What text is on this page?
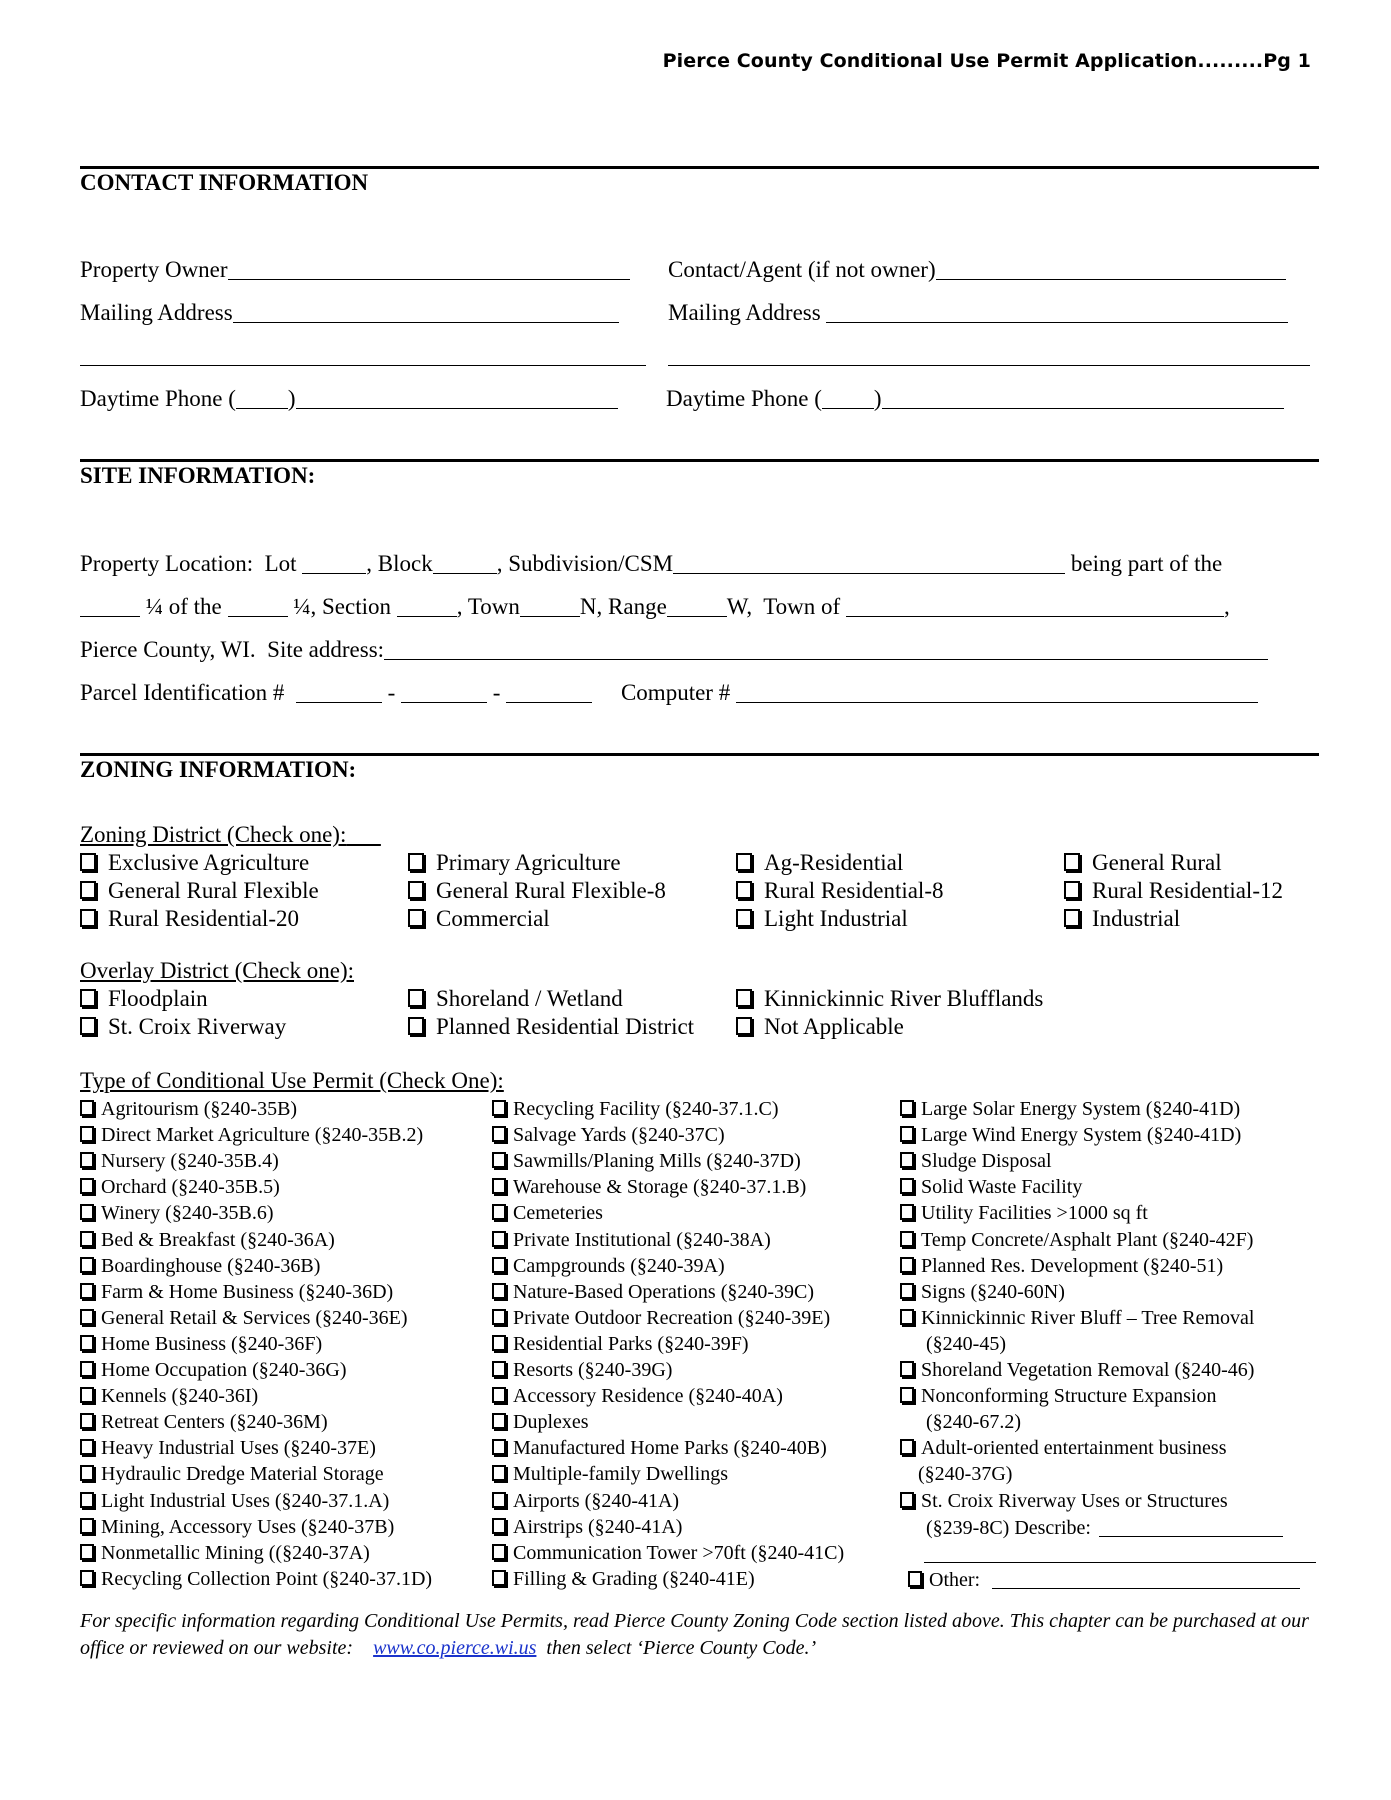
Pierce County Conditional Use Permit Application.........Pg 1
CONTACT INFORMATION
Property Owner	Contact/Agent (if not owner)
Mailing Address	Mailing Address
Daytime Phone ( )	Daytime Phone ( )
SITE INFORMATION:
Property Location:  Lot	, Block	, Subdivision/CSM	being part of the
¼ of the	¼, Section	, Town	N, Range	W,  Town of	,
Pierce County, WI.  Site address:
Parcel Identification #	-	-	Computer #
ZONING INFORMATION:
Zoning District (Check one):  
Exclusive Agriculture	Primary Agriculture	Ag-Residential	General Rural
General Rural Flexible	General Rural Flexible-8	Rural Residential-8	Rural Residential-12
Rural Residential-20	Commercial	Light Industrial	Industrial
Overlay District (Check one):
Floodplain	Shoreland / Wetland	Kinnickinnic River Bluff​lands
St. Croix Riverway	Planned Residential District	Not Applicable
Type of Conditional Use Permit (Check One):
Agritourism (§240-35B)
Direct Market Agriculture (§240-35B.2)
Nursery (§240-35B.4)
Orchard (§240-35B.5)
Winery (§240-35B.6)
Bed & Breakfast (§240-36A)
Boardinghouse (§240-36B)
Farm & Home Business (§240-36D)
General Retail & Services (§240-36E)
Home Business (§240-36F)
Home Occupation (§240-36G)
Kennels (§240-36I)
Retreat Centers (§240-36M)
Heavy Industrial Uses (§240-37E)
Hydraulic Dredge Material Storage
Light Industrial Uses (§240-37.1.A)
Mining, Accessory Uses (§240-37B)
Nonmetallic Mining ((§240-37A)
Recycling Collection Point (§240-37.1D)
Recycling Facility (§240-37.1.C)
Salvage Yards (§240-37C)
Sawmills/Planing Mills (§240-37D)
Warehouse & Storage (§240-37.1.B)
Cemeteries
Private Institutional (§240-38A)
Campgrounds (§240-39A)
Nature-Based Operations (§240-39C)
Private Outdoor Recreation (§240-39E)
Residential Parks (§240-39F)
Resorts (§240-39G)
Accessory Residence (§240-40A)
Duplexes
Manufactured Home Parks (§240-40B)
Multiple-family Dwellings
Airports (§240-41A)
Airstrips (§240-41A)
Communication Tower >70ft (§240-41C)
Filling & Grading (§240-41E)
Large Solar Energy System (§240-41D)
Large Wind Energy System (§240-41D)
Sludge Disposal
Solid Waste Facility
Utility Facilities >1000 sq ft
Temp Concrete/Asphalt Plant (§240-42F)
Planned Res. Development (§240-51)
Signs (§240-60N)
Kinnickinnic River Bluff – Tree Removal
Shoreland Vegetation Removal (§240-46)
Nonconforming Structure Expansion
Adult-oriented entertainment business
St. Croix Riverway Uses or Structures
Other:
(§240-45)
(§240-67.2)
(§240-37G)
(§239-8C) Describe:
For specific information regarding Conditional Use Permits, read Pierce County Zoning Code section listed above. This chapter can be purchased at our office or reviewed on our website: www.co.pierce.wi.us then select ‘Pierce County Code.’
